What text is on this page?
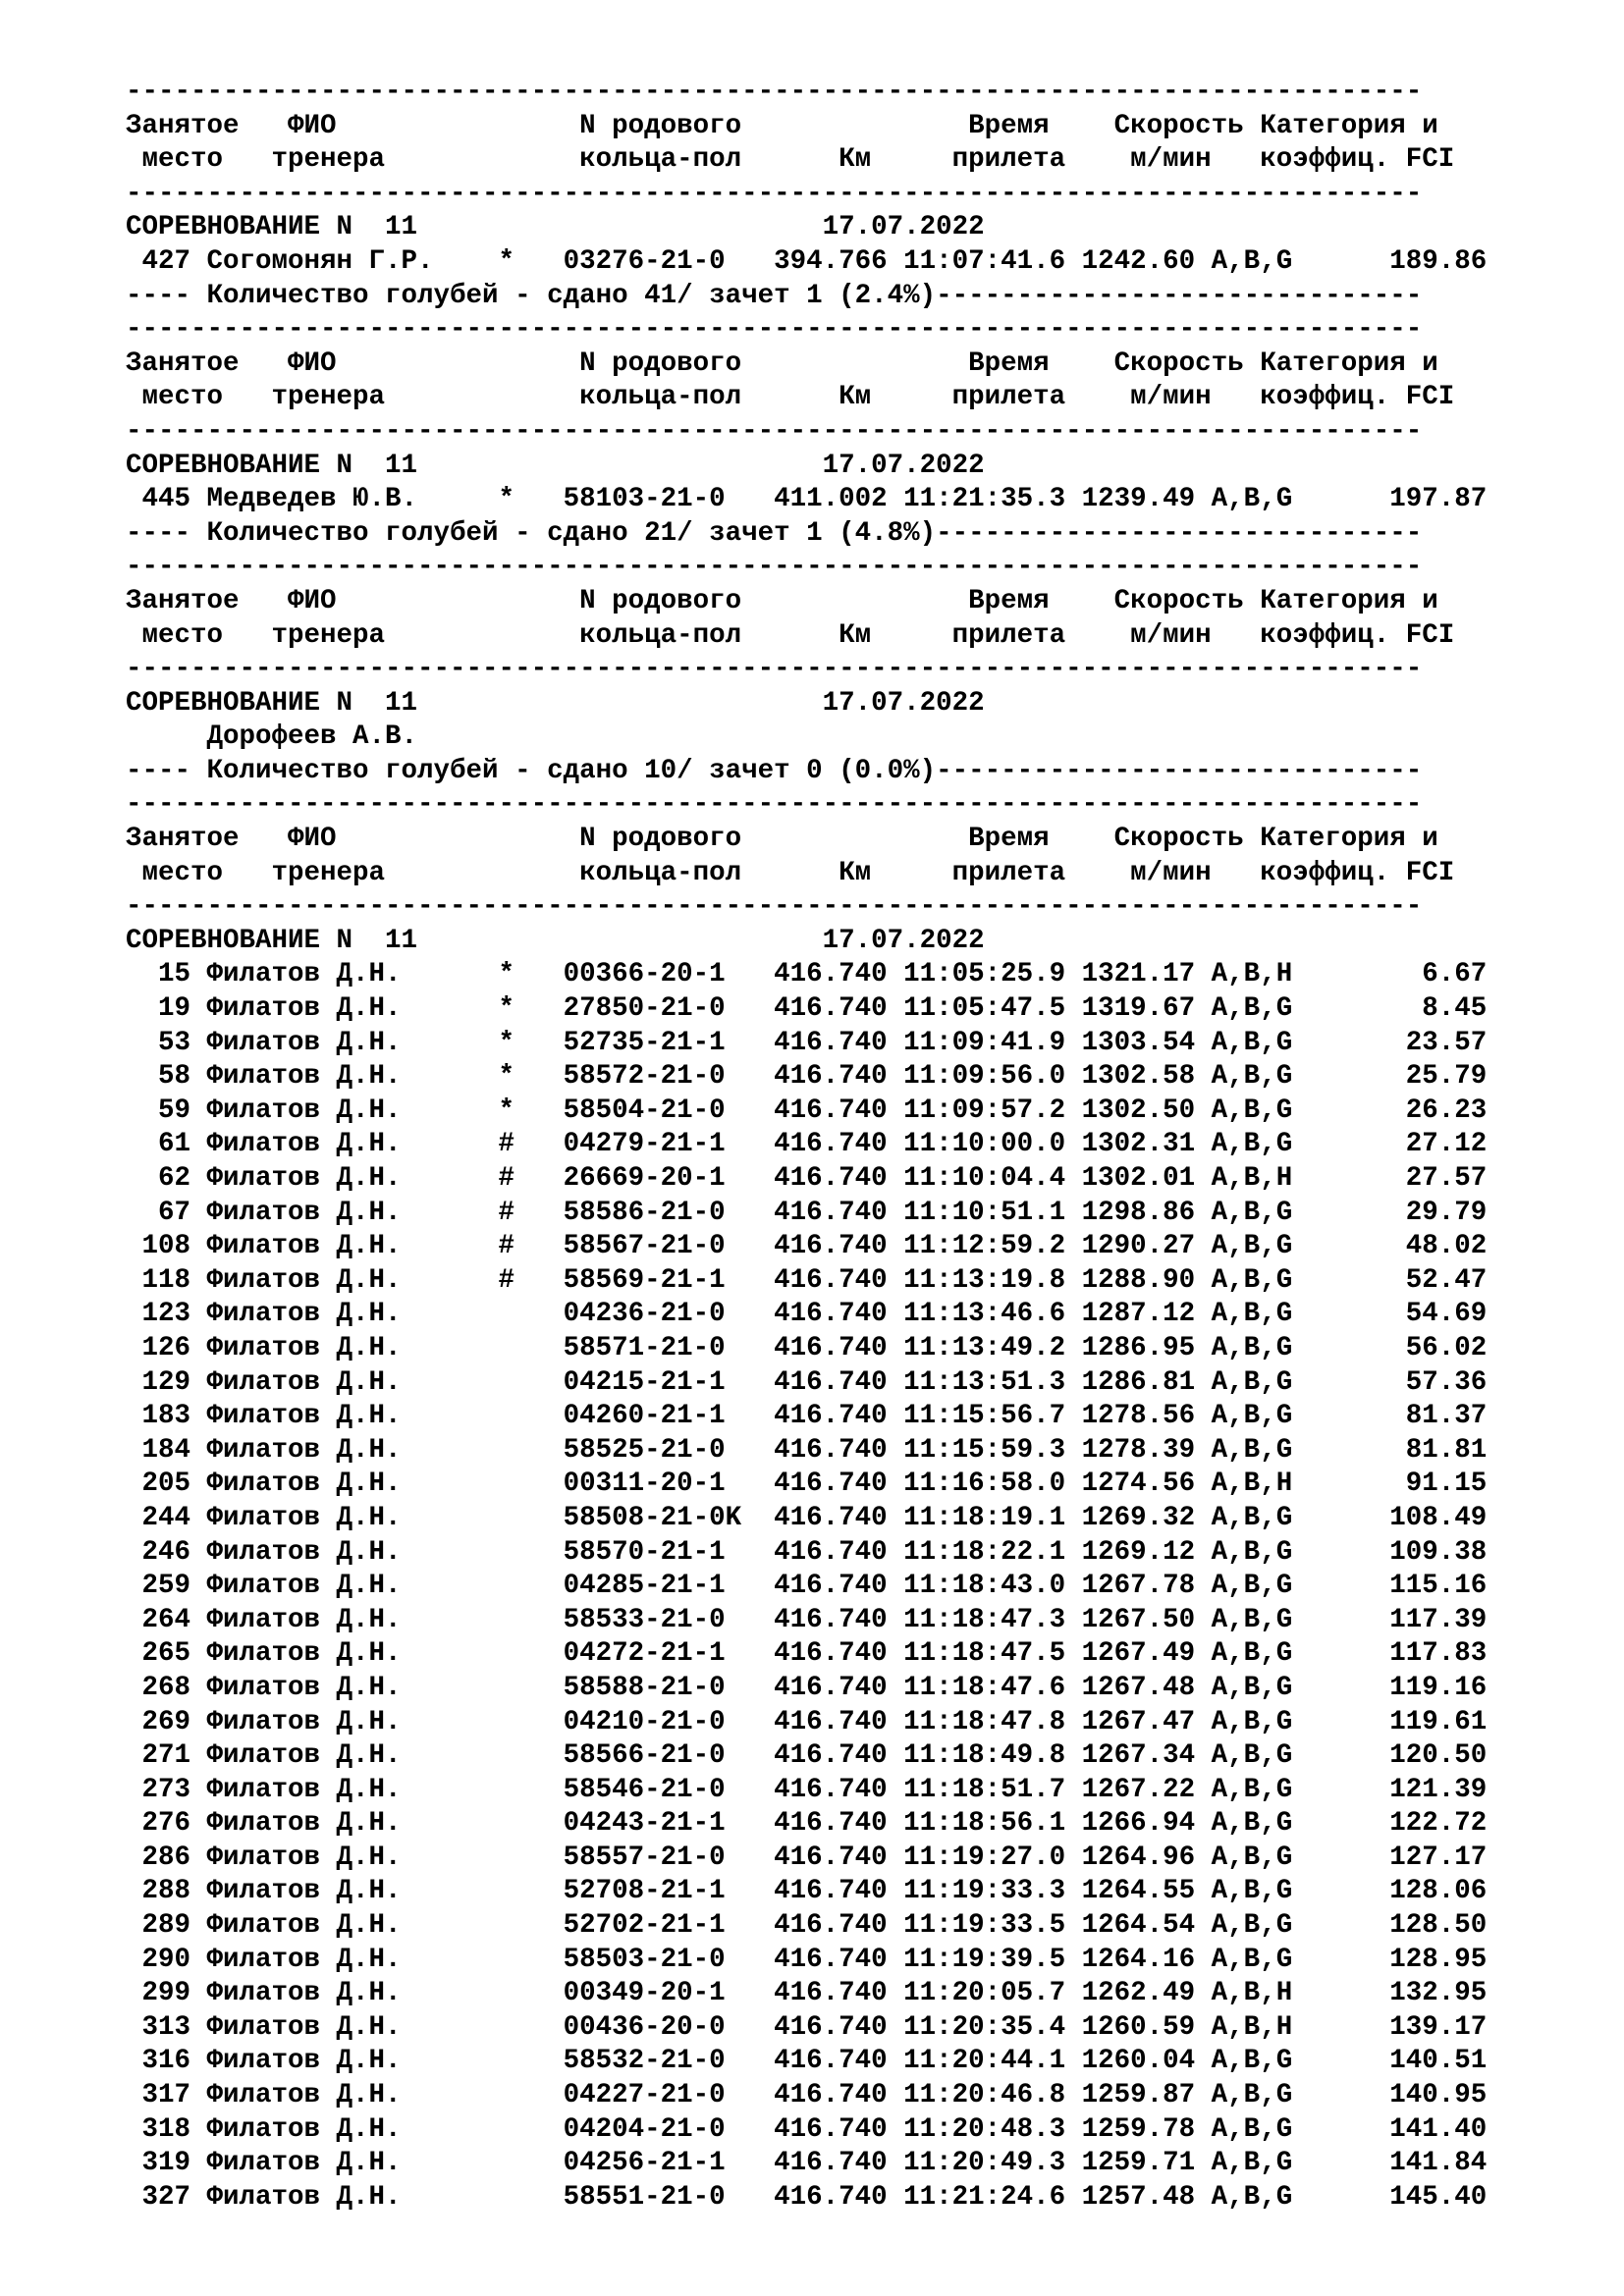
--------------------------------------------------------------------------------
Занятое   ФИО               N родового              Время    Скорость Категория и
место   тренера            кольца-пол      Км     прилета    м/мин   коэффиц. FCI
--------------------------------------------------------------------------------
СОРЕВНОВАНИЕ N  11                         17.07.2022
427 Согомонян Г.Р.    *   03276-21-0   394.766 11:07:41.6 1242.60 A,B,G      189.86
---- Количество голубей - сдано 41/ зачет 1 (2.4%)------------------------------
--------------------------------------------------------------------------------
Занятое   ФИО               N родового              Время    Скорость Категория и
место   тренера            кольца-пол      Км     прилета    м/мин   коэффиц. FCI
--------------------------------------------------------------------------------
СОРЕВНОВАНИЕ N  11                         17.07.2022
445 Медведев Ю.В.     *   58103-21-0   411.002 11:21:35.3 1239.49 A,B,G      197.87
---- Количество голубей - сдано 21/ зачет 1 (4.8%)------------------------------
--------------------------------------------------------------------------------
Занятое   ФИО               N родового              Время    Скорость Категория и
место   тренера            кольца-пол      Км     прилета    м/мин   коэффиц. FCI
--------------------------------------------------------------------------------
СОРЕВНОВАНИЕ N  11                         17.07.2022
Дорофеев А.В.
---- Количество голубей - сдано 10/ зачет 0 (0.0%)------------------------------
--------------------------------------------------------------------------------
Занятое   ФИО               N родового              Время    Скорость Категория и
место   тренера            кольца-пол      Км     прилета    м/мин   коэффиц. FCI
--------------------------------------------------------------------------------
СОРЕВНОВАНИЕ N  11                         17.07.2022
15 Филатов Д.Н.      *   00366-20-1   416.740 11:05:25.9 1321.17 A,B,H        6.67
19 Филатов Д.Н.      *   27850-21-0   416.740 11:05:47.5 1319.67 A,B,G        8.45
53 Филатов Д.Н.      *   52735-21-1   416.740 11:09:41.9 1303.54 A,B,G       23.57
58 Филатов Д.Н.      *   58572-21-0   416.740 11:09:56.0 1302.58 A,B,G       25.79
59 Филатов Д.Н.      *   58504-21-0   416.740 11:09:57.2 1302.50 A,B,G       26.23
61 Филатов Д.Н.      #   04279-21-1   416.740 11:10:00.0 1302.31 A,B,G       27.12
62 Филатов Д.Н.      #   26669-20-1   416.740 11:10:04.4 1302.01 A,B,H       27.57
67 Филатов Д.Н.      #   58586-21-0   416.740 11:10:51.1 1298.86 A,B,G       29.79
108 Филатов Д.Н.      #   58567-21-0   416.740 11:12:59.2 1290.27 A,B,G       48.02
118 Филатов Д.Н.      #   58569-21-1   416.740 11:13:19.8 1288.90 A,B,G       52.47
123 Филатов Д.Н.          04236-21-0   416.740 11:13:46.6 1287.12 A,B,G       54.69
126 Филатов Д.Н.          58571-21-0   416.740 11:13:49.2 1286.95 A,B,G       56.02
129 Филатов Д.Н.          04215-21-1   416.740 11:13:51.3 1286.81 A,B,G       57.36
183 Филатов Д.Н.          04260-21-1   416.740 11:15:56.7 1278.56 A,B,G       81.37
184 Филатов Д.Н.          58525-21-0   416.740 11:15:59.3 1278.39 A,B,G       81.81
205 Филатов Д.Н.          00311-20-1   416.740 11:16:58.0 1274.56 A,B,H       91.15
244 Филатов Д.Н.          58508-21-0K  416.740 11:18:19.1 1269.32 A,B,G      108.49
246 Филатов Д.Н.          58570-21-1   416.740 11:18:22.1 1269.12 A,B,G      109.38
259 Филатов Д.Н.          04285-21-1   416.740 11:18:43.0 1267.78 A,B,G      115.16
264 Филатов Д.Н.          58533-21-0   416.740 11:18:47.3 1267.50 A,B,G      117.39
265 Филатов Д.Н.          04272-21-1   416.740 11:18:47.5 1267.49 A,B,G      117.83
268 Филатов Д.Н.          58588-21-0   416.740 11:18:47.6 1267.48 A,B,G      119.16
269 Филатов Д.Н.          04210-21-0   416.740 11:18:47.8 1267.47 A,B,G      119.61
271 Филатов Д.Н.          58566-21-0   416.740 11:18:49.8 1267.34 A,B,G      120.50
273 Филатов Д.Н.          58546-21-0   416.740 11:18:51.7 1267.22 A,B,G      121.39
276 Филатов Д.Н.          04243-21-1   416.740 11:18:56.1 1266.94 A,B,G      122.72
286 Филатов Д.Н.          58557-21-0   416.740 11:19:27.0 1264.96 A,B,G      127.17
288 Филатов Д.Н.          52708-21-1   416.740 11:19:33.3 1264.55 A,B,G      128.06
289 Филатов Д.Н.          52702-21-1   416.740 11:19:33.5 1264.54 A,B,G      128.50
290 Филатов Д.Н.          58503-21-0   416.740 11:19:39.5 1264.16 A,B,G      128.95
299 Филатов Д.Н.          00349-20-1   416.740 11:20:05.7 1262.49 A,B,H      132.95
313 Филатов Д.Н.          00436-20-0   416.740 11:20:35.4 1260.59 A,B,H      139.17
316 Филатов Д.Н.          58532-21-0   416.740 11:20:44.1 1260.04 A,B,G      140.51
317 Филатов Д.Н.          04227-21-0   416.740 11:20:46.8 1259.87 A,B,G      140.95
318 Филатов Д.Н.          04204-21-0   416.740 11:20:48.3 1259.78 A,B,G      141.40
319 Филатов Д.Н.          04256-21-1   416.740 11:20:49.3 1259.71 A,B,G      141.84
327 Филатов Д.Н.          58551-21-0   416.740 11:21:24.6 1257.48 A,B,G      145.40
